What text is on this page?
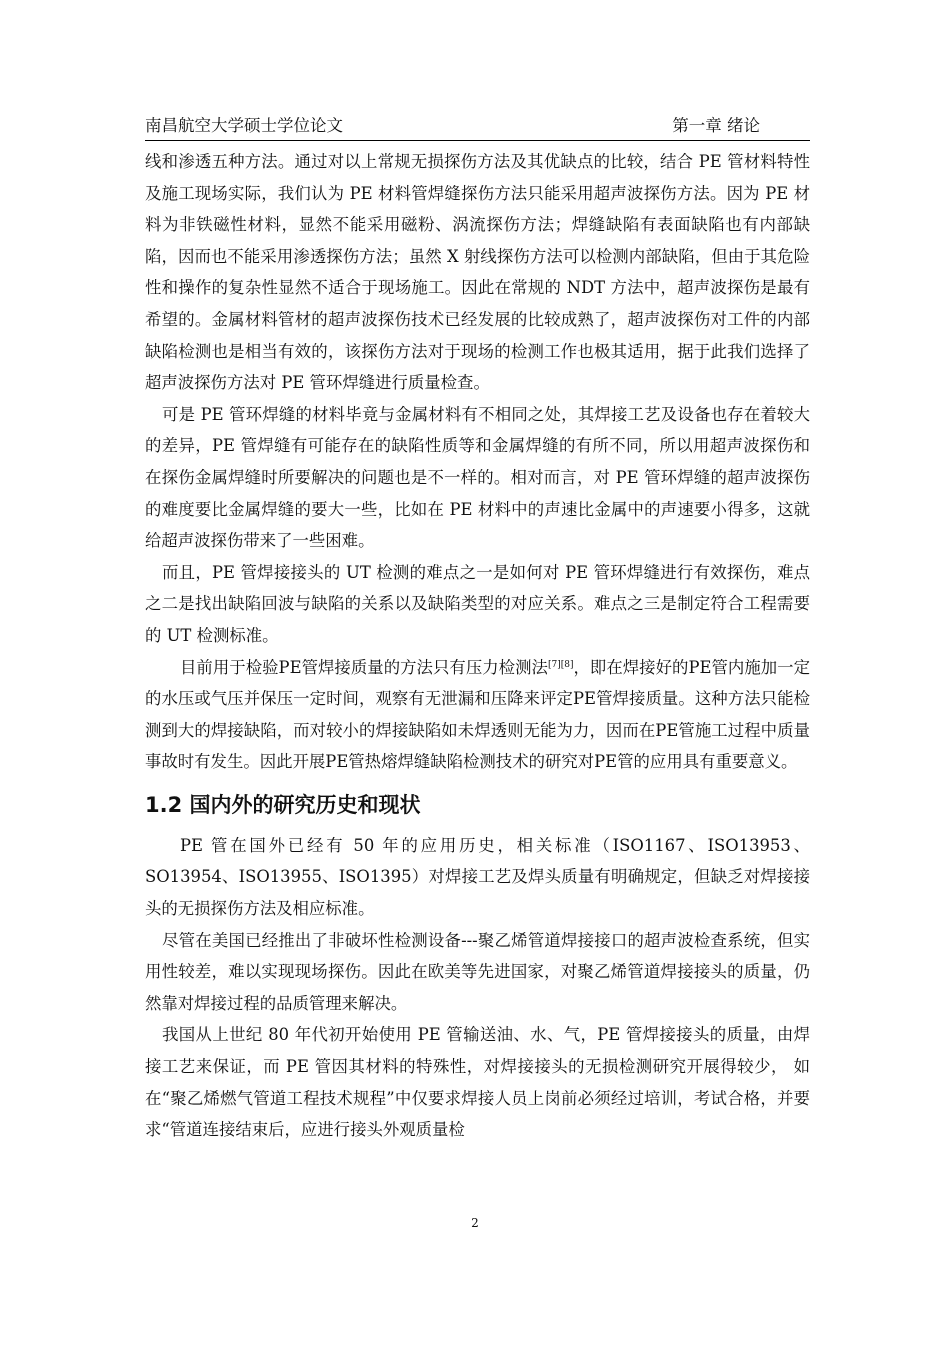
南昌航空大学硕士学位论文	第一章 绪论

线和渗透五种方法。通过对以上常规无损探伤方法及其优缺点的比较，结合 PE 管材料特性及施工现场实际，我们认为 PE 材料管焊缝探伤方法只能采用超声波探伤方法。因为 PE 材料为非铁磁性材料，显然不能采用磁粉、涡流探伤方法；焊缝缺陷有表面缺陷也有内部缺陷，因而也不能采用渗透探伤方法；虽然 X 射线探伤方法可以检测内部缺陷，但由于其危险性和操作的复杂性显然不适合于现场施工。因此在常规的 NDT 方法中，超声波探伤是最有希望的。金属材料管材的超声波探伤技术已经发展的比较成熟了，超声波探伤对工件的内部缺陷检测也是相当有效的，该探伤方法对于现场的检测工作也极其适用，据于此我们选择了超声波探伤方法对 PE 管环焊缝进行质量检查。

可是 PE 管环焊缝的材料毕竟与金属材料有不相同之处，其焊接工艺及设备也存在着较大的差异，PE 管焊缝有可能存在的缺陷性质等和金属焊缝的有所不同，所以用超声波探伤和在探伤金属焊缝时所要解决的问题也是不一样的。相对而言，对 PE 管环焊缝的超声波探伤的难度要比金属焊缝的要大一些，比如在 PE 材料中的声速比金属中的声速要小得多，这就给超声波探伤带来了一些困难。

而且，PE 管焊接接头的 UT 检测的难点之一是如何对 PE 管环焊缝进行有效探伤，难点之二是找出缺陷回波与缺陷的关系以及缺陷类型的对应关系。难点之三是制定符合工程需要的 UT 检测标准。

目前用于检验PE管焊接质量的方法只有压力检测法[7][8]，即在焊接好的PE管内施加一定的水压或气压并保压一定时间，观察有无泄漏和压降来评定PE管焊接质量。这种方法只能检测到大的焊接缺陷，而对较小的焊接缺陷如未焊透则无能为力，因而在PE管施工过程中质量事故时有发生。因此开展PE管热熔焊缝缺陷检测技术的研究对PE管的应用具有重要意义。

1.2 国内外的研究历史和现状

PE 管在国外已经有 50 年的应用历史，相关标准（ISO1167、ISO13953、SO13954、ISO13955、ISO1395）对焊接工艺及焊头质量有明确规定，但缺乏对焊接接头的无损探伤方法及相应标准。

尽管在美国已经推出了非破坏性检测设备---聚乙烯管道焊接接口的超声波检查系统，但实用性较差，难以实现现场探伤。因此在欧美等先进国家，对聚乙烯管道焊接接头的质量，仍然靠对焊接过程的品质管理来解决。

我国从上世纪 80 年代初开始使用 PE 管输送油、水、气，PE 管焊接接头的质量，由焊接工艺来保证，而 PE 管因其材料的特殊性，对焊接接头的无损检测研究开展得较少， 如在“聚乙烯燃气管道工程技术规程”中仅要求焊接人员上岗前必须经过培训，考试合格，并要求“管道连接结束后，应进行接头外观质量检

2
